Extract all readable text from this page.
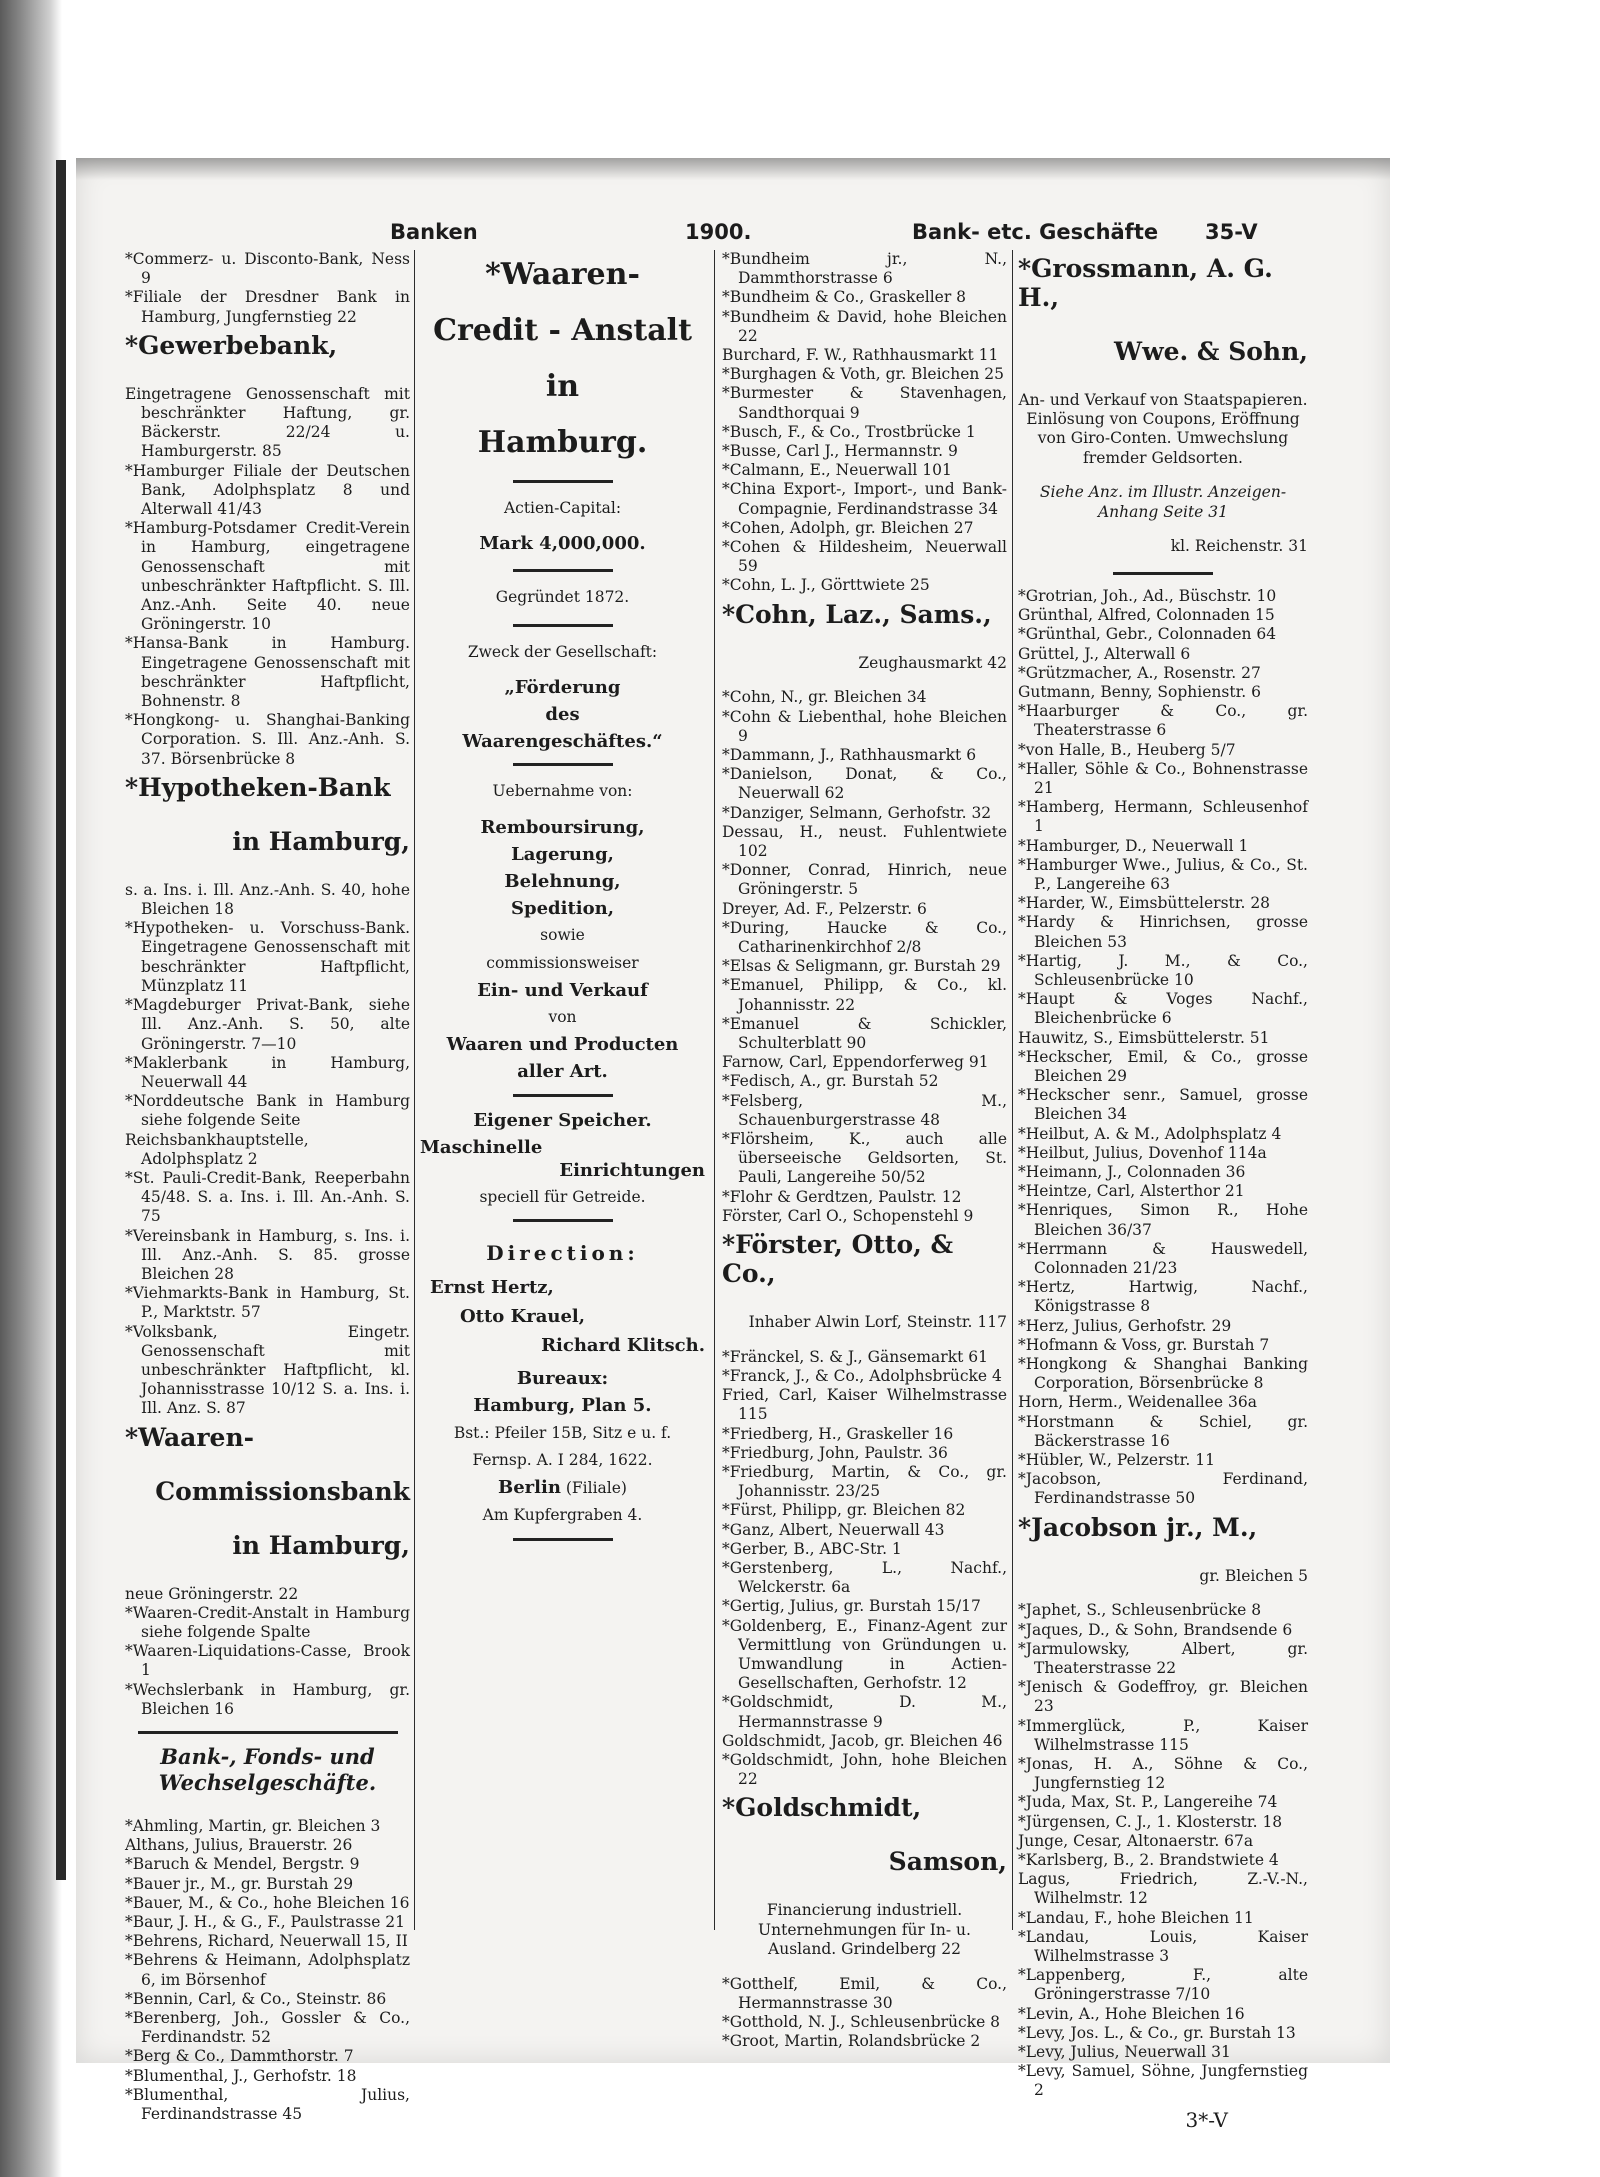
Banken	1900.	Bank- etc. Geschäfte 35-V

*Commerz- u. Disconto-Bank, Ness 9

*Filiale der Dresdner Bank in Hamburg, Jungfernstieg 22

*Gewerbebank,

Eingetragene Genossenschaft mit beschränkter Haftung, gr. Bäckerstr. 22/24 u. Hamburgerstr. 85

*Hamburger Filiale der Deutschen Bank, Adolphsplatz 8 und Alterwall 41/43

*Hamburg-Potsdamer Credit-Verein in Hamburg, eingetragene Genossenschaft mit unbeschränkter Haftpflicht. S. Ill. Anz.-Anh. Seite 40. neue Gröningerstr. 10

*Hansa-Bank in Hamburg. Eingetragene Genossenschaft mit beschränkter Haftpflicht, Bohnenstr. 8

*Hongkong- u. Shanghai-Banking Corporation. S. Ill. Anz.-Anh. S. 37. Börsenbrücke 8

*Hypotheken-Bank

in Hamburg,

s. a. Ins. i. Ill. Anz.-Anh. S. 40, hohe Bleichen 18

*Hypotheken- u. Vorschuss-Bank. Eingetragene Genossenschaft mit beschränkter Haftpflicht, Münzplatz 11

*Magdeburger Privat-Bank, siehe Ill. Anz.-Anh. S. 50, alte Gröningerstr. 7—10

*Maklerbank in Hamburg, Neuerwall 44

*Norddeutsche Bank in Hamburg siehe folgende Seite

Reichsbankhauptstelle, Adolphsplatz 2

*St. Pauli-Credit-Bank, Reeperbahn 45/48. S. a. Ins. i. Ill. An.-Anh. S. 75

*Vereinsbank in Hamburg, s. Ins. i. Ill. Anz.-Anh. S. 85. grosse Bleichen 28

*Viehmarkts-Bank in Hamburg, St. P., Marktstr. 57

*Volksbank, Eingetr. Genossenschaft mit unbeschränkter Haftpflicht, kl. Johannisstrasse 10/12 S. a. Ins. i. Ill. Anz. S. 87

*Waaren-

Commissionsbank

in Hamburg,

neue Gröningerstr. 22

*Waaren-Credit-Anstalt in Hamburg siehe folgende Spalte

*Waaren-Liquidations-Casse, Brook 1

*Wechslerbank in Hamburg, gr. Bleichen 16

Bank-, Fonds- und Wechselgeschäfte.

*Ahmling, Martin, gr. Bleichen 3

Althans, Julius, Brauerstr. 26

*Baruch & Mendel, Bergstr. 9

*Bauer jr., M., gr. Burstah 29

*Bauer, M., & Co., hohe Bleichen 16

*Baur, J. H., & G., F., Paulstrasse 21

*Behrens, Richard, Neuerwall 15, II

*Behrens & Heimann, Adolphsplatz 6, im Börsenhof

*Bennin, Carl, & Co., Steinstr. 86

*Berenberg, Joh., Gossler & Co., Ferdinandstr. 52

*Berg & Co., Dammthorstr. 7

*Blumenthal, J., Gerhofstr. 18

*Blumenthal, Julius, Ferdinandstrasse 45

*Waaren-
Credit - Anstalt
in
Hamburg.
Actien-Capital:
Mark 4,000,000.
Gegründet 1872.
Zweck der Gesellschaft:
„Förderung
des
Waarengeschäftes.“
Uebernahme von:
Remboursirung,
Lagerung,
Belehnung,
Spedition,
sowie
commissionsweiser
Ein- und Verkauf
von
Waaren und Producten
aller Art.
Eigener Speicher.
Maschinelle
Einrichtungen
speciell für Getreide.
Direction:

Ernst Hertz,

Otto Krauel,

Richard Klitsch.

Bureaux:
Hamburg, Plan 5.
Bst.: Pfeiler 15B, Sitz e u. f.
Fernsp. A. I 284, 1622.
Berlin (Filiale)
Am Kupfergraben 4.

*Bundheim jr., N., Dammthorstrasse 6

*Bundheim & Co., Graskeller 8

*Bundheim & David, hohe Bleichen 22

Burchard, F. W., Rathhausmarkt 11

*Burghagen & Voth, gr. Bleichen 25

*Burmester & Stavenhagen, Sandthorquai 9

*Busch, F., & Co., Trostbrücke 1

*Busse, Carl J., Hermannstr. 9

*Calmann, E., Neuerwall 101

*China Export-, Import-, und Bank-Compagnie, Ferdinandstrasse 34

*Cohen, Adolph, gr. Bleichen 27

*Cohen & Hildesheim, Neuerwall 59

*Cohn, L. J., Görttwiete 25

*Cohn, Laz., Sams.,

Zeughausmarkt 42

*Cohn, N., gr. Bleichen 34

*Cohn & Liebenthal, hohe Bleichen 9

*Dammann, J., Rathhausmarkt 6

*Danielson, Donat, & Co., Neuerwall 62

*Danziger, Selmann, Gerhofstr. 32

Dessau, H., neust. Fuhlentwiete 102

*Donner, Conrad, Hinrich, neue Gröningerstr. 5

Dreyer, Ad. F., Pelzerstr. 6

*During, Haucke & Co., Catharinenkirchhof 2/8

*Elsas & Seligmann, gr. Burstah 29

*Emanuel, Philipp, & Co., kl. Johannisstr. 22

*Emanuel & Schickler, Schulterblatt 90

Farnow, Carl, Eppendorferweg 91

*Fedisch, A., gr. Burstah 52

*Felsberg, M., Schauenburgerstrasse 48

*Flörsheim, K., auch alle überseeische Geldsorten, St. Pauli, Langereihe 50/52

*Flohr & Gerdtzen, Paulstr. 12

Förster, Carl O., Schopenstehl 9

*Förster, Otto, & Co.,

Inhaber Alwin Lorf, Steinstr. 117

*Fränckel, S. & J., Gänsemarkt 61

*Franck, J., & Co., Adolphsbrücke 4

Fried, Carl, Kaiser Wilhelmstrasse 115

*Friedberg, H., Graskeller 16

*Friedburg, John, Paulstr. 36

*Friedburg, Martin, & Co., gr. Johannisstr. 23/25

*Fürst, Philipp, gr. Bleichen 82

*Ganz, Albert, Neuerwall 43

*Gerber, B., ABC-Str. 1

*Gerstenberg, L., Nachf., Welckerstr. 6a

*Gertig, Julius, gr. Burstah 15/17

*Goldenberg, E., Finanz-Agent zur Vermittlung von Gründungen u. Umwandlung in Actien-Gesellschaften, Gerhofstr. 12

*Goldschmidt, D. M., Hermannstrasse 9

Goldschmidt, Jacob, gr. Bleichen 46

*Goldschmidt, John, hohe Bleichen 22

*Goldschmidt,

Samson,

Financierung industriell. Unternehmungen für In- u. Ausland. Grindelberg 22

*Gotthelf, Emil, & Co., Hermannstrasse 30

*Gotthold, N. J., Schleusenbrücke 8

*Groot, Martin, Rolandsbrücke 2

*Grossmann, A. G. H.,

Wwe. & Sohn,

An- und Verkauf von Staatspapieren. Einlösung von Coupons, Eröffnung von Giro-Conten. Umwechslung fremder Geldsorten.

Siehe Anz. im Illustr. Anzeigen-Anhang Seite 31

kl. Reichenstr. 31

*Grotrian, Joh., Ad., Büschstr. 10

Grünthal, Alfred, Colonnaden 15

*Grünthal, Gebr., Colonnaden 64

Grüttel, J., Alterwall 6

*Grützmacher, A., Rosenstr. 27

Gutmann, Benny, Sophienstr. 6

*Haarburger & Co., gr. Theaterstrasse 6

*von Halle, B., Heuberg 5/7

*Haller, Söhle & Co., Bohnenstrasse 21

*Hamberg, Hermann, Schleusenhof 1

*Hamburger, D., Neuerwall 1

*Hamburger Wwe., Julius, & Co., St. P., Langereihe 63

*Harder, W., Eimsbüttelerstr. 28

*Hardy & Hinrichsen, grosse Bleichen 53

*Hartig, J. M., & Co., Schleusenbrücke 10

*Haupt & Voges Nachf., Bleichenbrücke 6

Hauwitz, S., Eimsbüttelerstr. 51

*Heckscher, Emil, & Co., grosse Bleichen 29

*Heckscher senr., Samuel, grosse Bleichen 34

*Heilbut, A. & M., Adolphsplatz 4

*Heilbut, Julius, Dovenhof 114a

*Heimann, J., Colonnaden 36

*Heintze, Carl, Alsterthor 21

*Henriques, Simon R., Hohe Bleichen 36/37

*Herrmann & Hauswedell, Colonnaden 21/23

*Hertz, Hartwig, Nachf., Königstrasse 8

*Herz, Julius, Gerhofstr. 29

*Hofmann & Voss, gr. Burstah 7

*Hongkong & Shanghai Banking Corporation, Börsenbrücke 8

Horn, Herm., Weidenallee 36a

*Horstmann & Schiel, gr. Bäckerstrasse 16

*Hübler, W., Pelzerstr. 11

*Jacobson, Ferdinand, Ferdinandstrasse 50

*Jacobson jr., M.,

gr. Bleichen 5

*Japhet, S., Schleusenbrücke 8

*Jaques, D., & Sohn, Brandsende 6

*Jarmulowsky, Albert, gr. Theaterstrasse 22

*Jenisch & Godeffroy, gr. Bleichen 23

*Immerglück, P., Kaiser Wilhelmstrasse 115

*Jonas, H. A., Söhne & Co., Jungfernstieg 12

*Juda, Max, St. P., Langereihe 74

*Jürgensen, C. J., 1. Klosterstr. 18

Junge, Cesar, Altonaerstr. 67a

*Karlsberg, B., 2. Brandstwiete 4

Lagus, Friedrich, Z.-V.-N., Wilhelmstr. 12

*Landau, F., hohe Bleichen 11

*Landau, Louis, Kaiser Wilhelmstrasse 3

*Lappenberg, F., alte Gröningerstrasse 7/10

*Levin, A., Hohe Bleichen 16

*Levy, Jos. L., & Co., gr. Burstah 13

*Levy, Julius, Neuerwall 31

*Levy, Samuel, Söhne, Jungfernstieg 2

3*-V
